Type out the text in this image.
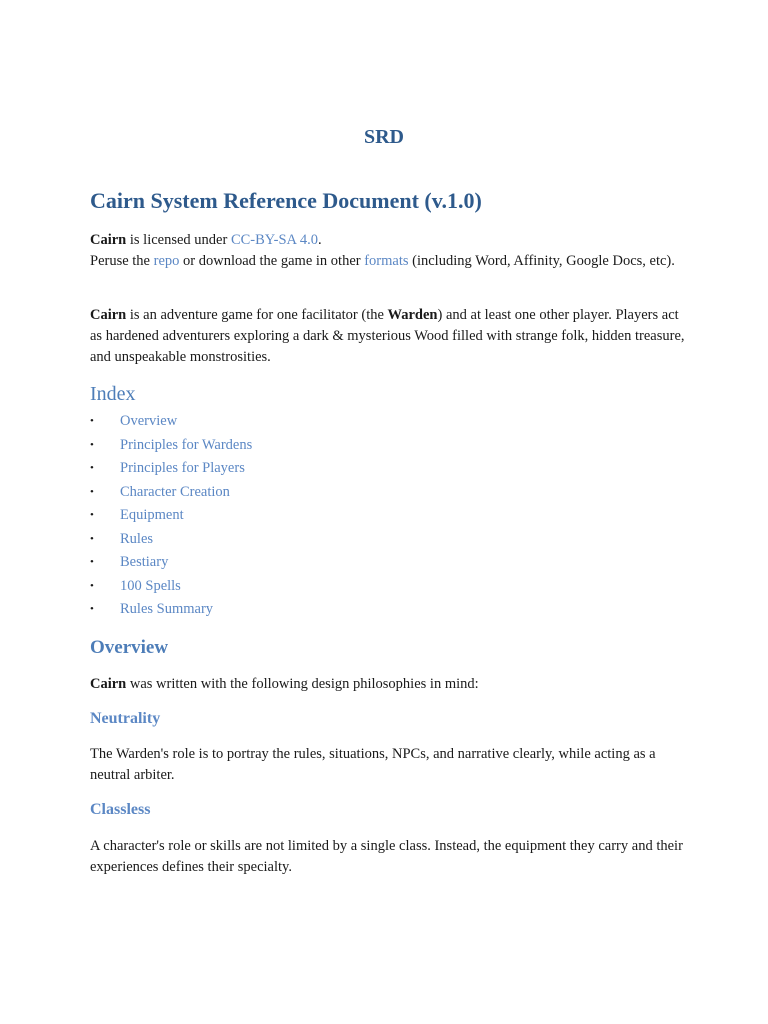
SRD
Cairn System Reference Document (v.1.0)

Cairn is licensed under CC-BY-SA 4.0.
Peruse the repo or download the game in other formats (including Word, Affinity, Google Docs, etc).

Cairn is an adventure game for one facilitator (the Warden) and at least one other player. Players act as hardened adventurers exploring a dark & mysterious Wood filled with strange folk, hidden treasure, and unspeakable monstrosities.

Index
• Overview
• Principles for Wardens
• Principles for Players
• Character Creation
• Equipment
• Rules
• Bestiary
• 100 Spells
• Rules Summary
Overview

Cairn was written with the following design philosophies in mind:

Neutrality

The Warden's role is to portray the rules, situations, NPCs, and narrative clearly, while acting as a neutral arbiter.

Classless

A character's role or skills are not limited by a single class. Instead, the equipment they carry and their experiences defines their specialty.
